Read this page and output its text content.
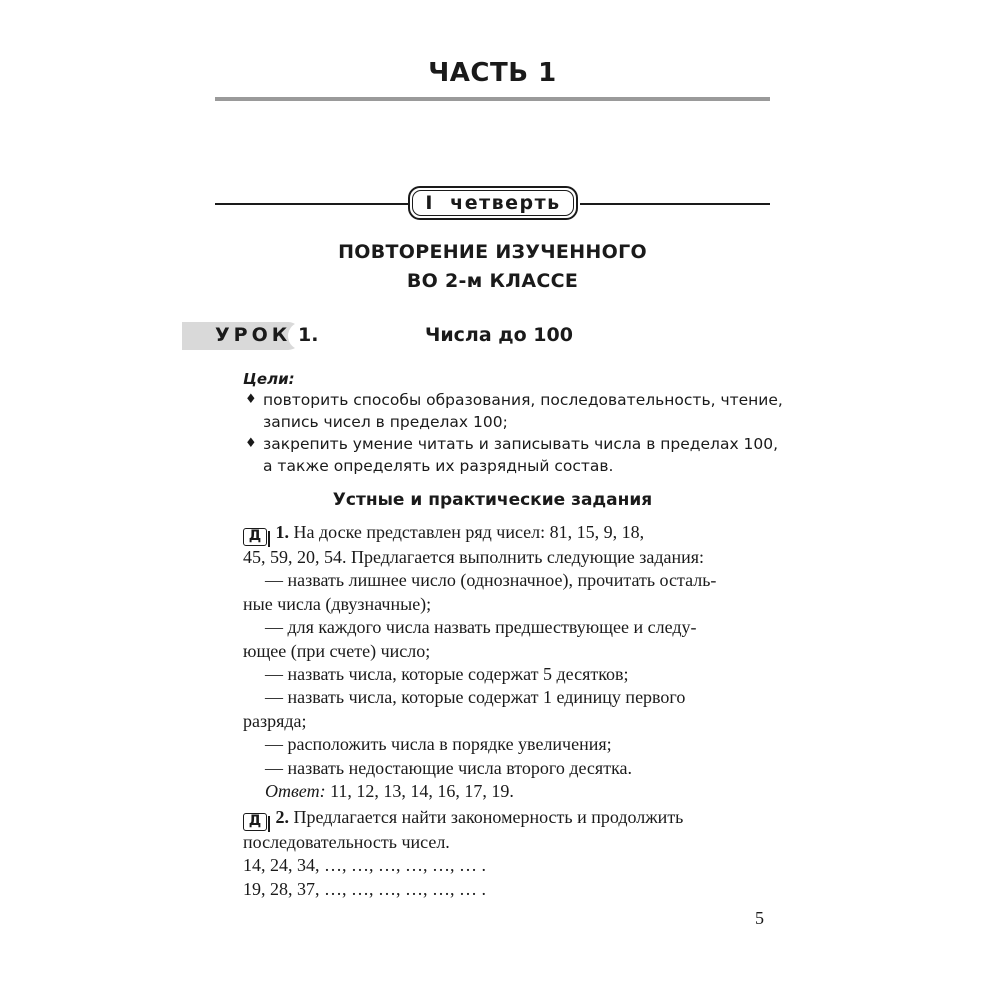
ЧАСТЬ 1
I  четверть
ПОВТОРЕНИЕ ИЗУЧЕННОГО
ВО 2-м КЛАССЕ
УРОК 1.	Числа до 100
Цели:
♦ повторить способы образования, последовательность, чтение,
запись чисел в пределах 100;
♦ закрепить умение читать и записывать числа в пределах 100,
а также определять их разрядный состав.
Устные и практические задания
Д 1. На доске представлен ряд чисел: 81, 15, 9, 18,
45, 59, 20, 54. Предлагается выполнить следующие задания:
— назвать лишнее число (однозначное), прочитать осталь-
ные числа (двузначные);
— для каждого числа назвать предшествующее и следу-
ющее (при счете) число;
— назвать числа, которые содержат 5 десятков;
— назвать числа, которые содержат 1 единицу первого
разряда;
— расположить числа в порядке увеличения;
— назвать недостающие числа второго десятка.
Ответ: 11, 12, 13, 14, 16, 17, 19.
Д 2. Предлагается найти закономерность и продолжить
последовательность чисел.
14, 24, 34, …, …, …, …, …, … .
19, 28, 37, …, …, …, …, …, … .
5
